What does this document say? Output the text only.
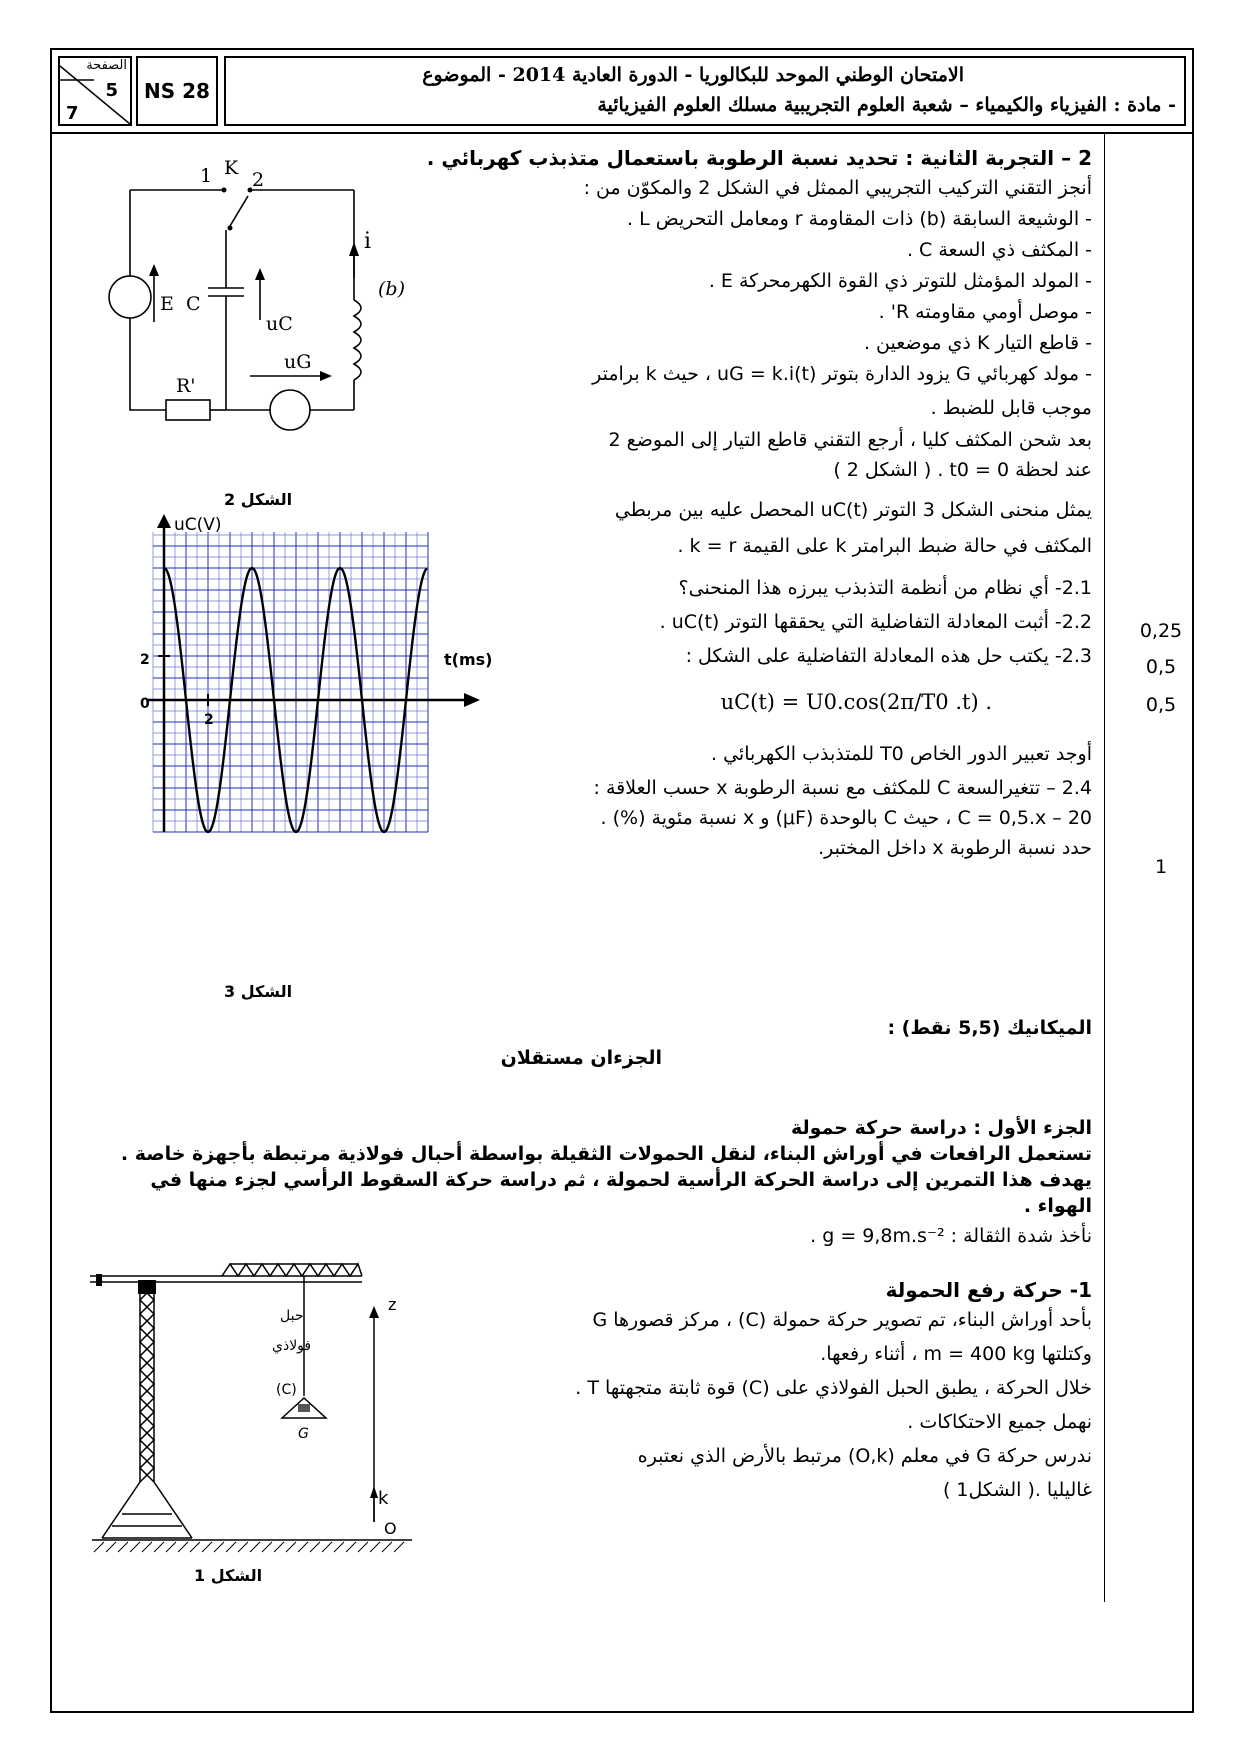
الصفحة
5
7
NS 28
الامتحان الوطني الموحد للبكالوريا - الدورة العادية 2014 - الموضوع
- مادة : الفيزياء والكيمياء – شعبة العلوم التجريبية مسلك العلوم الفيزيائية
0,25
0,5
0,5
1
2 – التجربة الثانية : تحديد نسبة الرطوبة باستعمال متذبذب كهربائي .
أنجز التقني التركيب التجريبي الممثل في الشكل 2 والمكوّن من :
- الوشيعة السابقة (b) ذات المقاومة r ومعامل التحريض L .
- المكثف ذي السعة C .
- المولد المؤمثل للتوتر ذي القوة الكهرمحركة E .
- موصل أومي مقاومته R' .
- قاطع التيار K ذي موضعين .
- مولد كهربائي G يزود الدارة بتوتر uG = k.i(t) ، حيث k برامتر
موجب قابل للضبط .
بعد شحن المكثف كليا ، أرجع التقني قاطع التيار إلى الموضع 2
عند لحظة t0 = 0 . ( الشكل 2 )
يمثل منحنى الشكل 3 التوتر uC(t) المحصل عليه بين مربطي
المكثف في حالة ضبط البرامتر k على القيمة k = r .
2.1- أي نظام من أنظمة التذبذب يبرزه هذا المنحنى؟
2.2- أثبت المعادلة التفاضلية التي يحققها التوتر uC(t) .
2.3- يكتب حل هذه المعادلة التفاضلية على الشكل :
. uC(t) = U0.cos(2π/T0 .t)
أوجد تعبير الدور الخاص T0 للمتذبذب الكهربائي .
2.4 – تتغيرالسعة C للمكثف مع نسبة الرطوبة x حسب العلاقة :
C = 0,5.x – 20 ، حيث C بالوحدة (μF) و x نسبة مئوية (%) .
حدد نسبة الرطوبة x داخل المختبر.
1 K
2
i
E C
uC
uG
(b)
R'
الشكل 2
uC(V)
t(ms)
2
0
2
الشكل 3
الميكانيك (5,5 نقط) :
الجزءان مستقلان
الجزء الأول : دراسة حركة حمولة
تستعمل الرافعات في أوراش البناء، لنقل الحمولات الثقيلة بواسطة أحبال فولاذية مرتبطة بأجهزة خاصة .
يهدف هذا التمرين إلى دراسة الحركة الرأسية لحمولة ، ثم دراسة حركة السقوط الرأسي لجزء منها في
الهواء .
نأخذ شدة الثقالة : g = 9,8m.s⁻² .
1- حركة رفع الحمولة
بأحد أوراش البناء، تم تصوير حركة حمولة (C) ، مركز قصورها G
وكتلتها m = 400 kg ، أثناء رفعها.
خلال الحركة ، يطبق الحبل الفولاذي على (C) قوة ثابتة متجهتها T .
نهمل جميع الاحتكاكات .
ندرس حركة G في معلم (O,k) مرتبط بالأرض الذي نعتبره
غاليليا .( الشكل1 )
حبل
فولاذي
(C)
G
z
k
O
الشكل 1
